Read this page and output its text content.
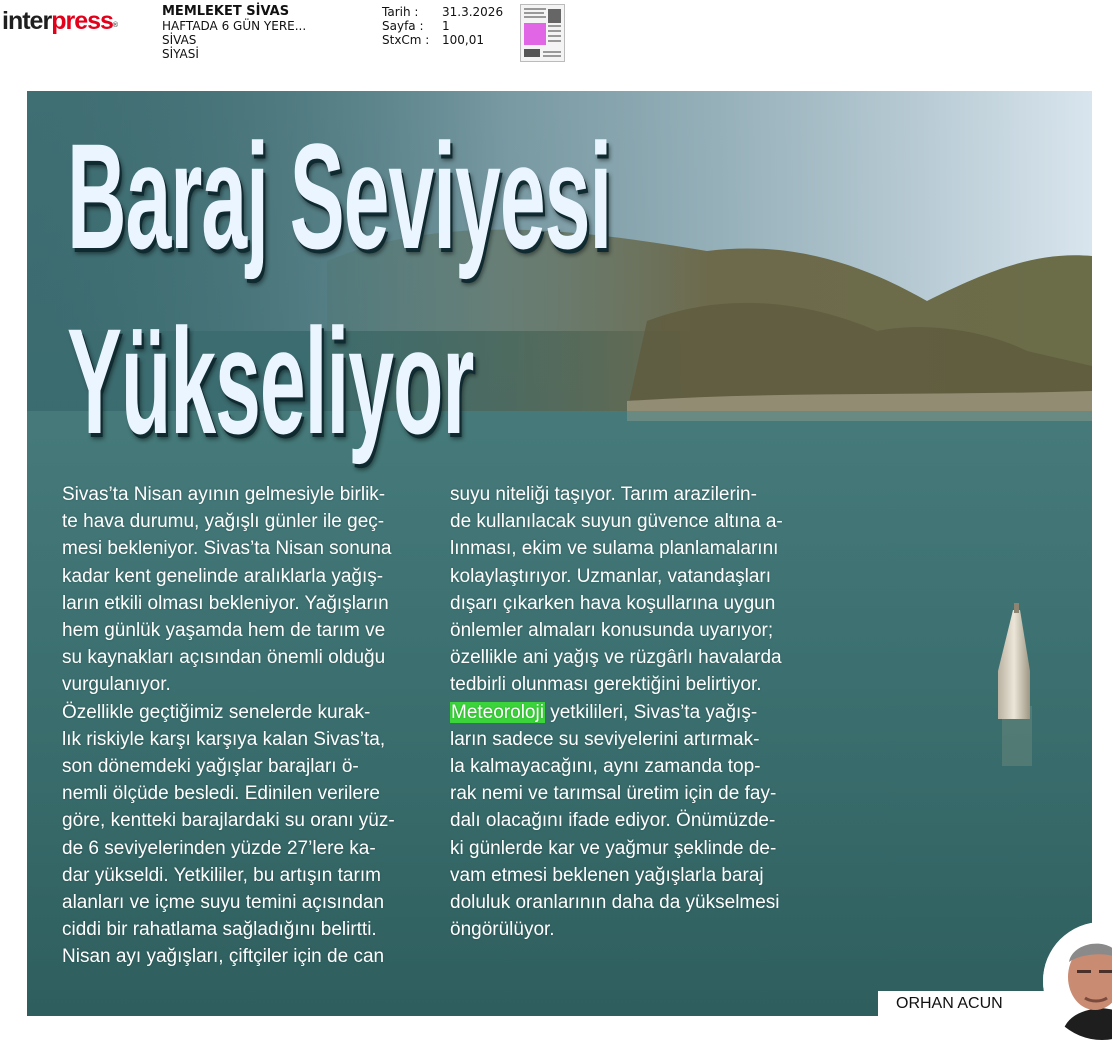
interpress®
MEMLEKET SİVAS
HAFTADA 6 GÜN YERE...
SİVAS
SİYASİ
Tarih :	31.3.2026
Sayfa :	1
StxCm :	100,01
Baraj Seviyesi
Yükseliyor

Sivas’ta Nisan ayının gelmesiyle birlik-

te hava durumu, yağışlı günler ile geç-

mesi bekleniyor. Sivas’ta Nisan sonuna

kadar kent genelinde aralıklarla yağış-

ların etkili olması bekleniyor. Yağışların

hem günlük yaşamda hem de tarım ve

su kaynakları açısından önemli olduğu

vurgulanıyor.

Özellikle geçtiğimiz senelerde kurak-

lık riskiyle karşı karşıya kalan Sivas’ta,

son dönemdeki yağışlar barajları ö-

nemli ölçüde besledi. Edinilen verilere

göre, kentteki barajlardaki su oranı yüz-

de 6 seviyelerinden yüzde 27’lere ka-

dar yükseldi. Yetkililer, bu artışın tarım

alanları ve içme suyu temini açısından

ciddi bir rahatlama sağladığını belirtti.

Nisan ayı yağışları, çiftçiler için de can

suyu niteliği taşıyor. Tarım arazilerin-

de kullanılacak suyun güvence altına a-

lınması, ekim ve sulama planlamalarını

kolaylaştırıyor. Uzmanlar, vatandaşları

dışarı çıkarken hava koşullarına uygun

önlemler almaları konusunda uyarıyor;

özellikle ani yağış ve rüzgârlı havalarda

tedbirli olunması gerektiğini belirtiyor.

Meteoroloji yetkilileri, Sivas’ta yağış-

ların sadece su seviyelerini artırmak-

la kalmayacağını, aynı zamanda top-

rak nemi ve tarımsal üretim için de fay-

dalı olacağını ifade ediyor. Önümüzde-

ki günlerde kar ve yağmur şeklinde de-

vam etmesi beklenen yağışlarla baraj

doluluk oranlarının daha da yükselmesi

öngörülüyor.

ORHAN ACUN
